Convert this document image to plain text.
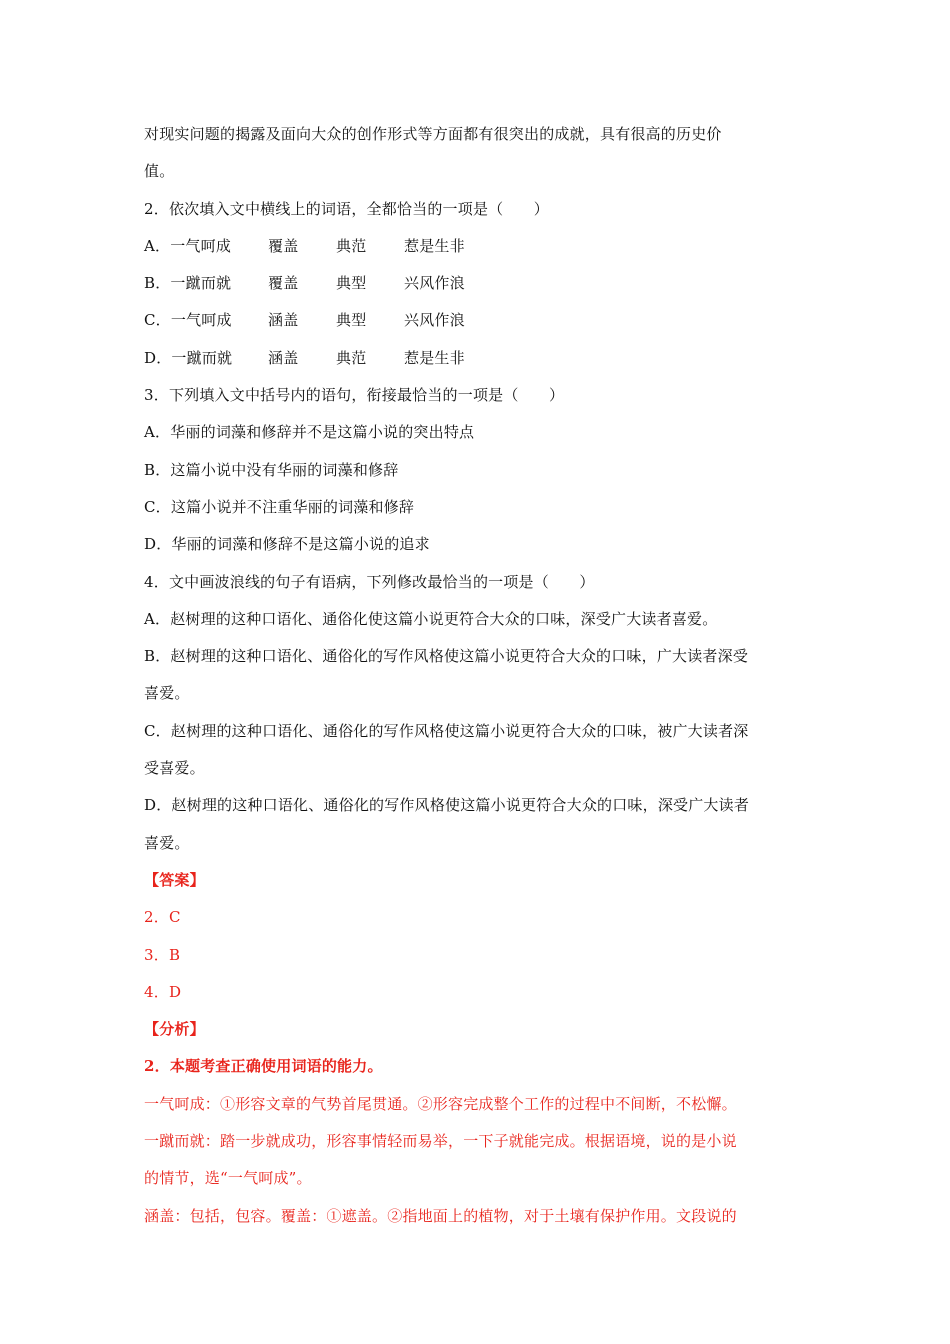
对现实问题的揭露及面向大众的创作形式等方面都有很突出的成就，具有很高的历史价
值。
2．依次填入文中横线上的词语，全都恰当的一项是（　　）
A．一气呵成 覆盖	典范	惹是生非
B．一蹴而就 覆盖	典型	兴风作浪
C．一气呵成 涵盖	典型	兴风作浪
D．一蹴而就 涵盖	典范	惹是生非
3．下列填入文中括号内的语句，衔接最恰当的一项是（　　）
A．华丽的词藻和修辞并不是这篇小说的突出特点
B．这篇小说中没有华丽的词藻和修辞
C．这篇小说并不注重华丽的词藻和修辞
D．华丽的词藻和修辞不是这篇小说的追求
4．文中画波浪线的句子有语病，下列修改最恰当的一项是（　　）
A．赵树理的这种口语化、通俗化使这篇小说更符合大众的口味，深受广大读者喜爱。
B．赵树理的这种口语化、通俗化的写作风格使这篇小说更符合大众的口味，广大读者深受
喜爱。
C．赵树理的这种口语化、通俗化的写作风格使这篇小说更符合大众的口味，被广大读者深
受喜爱。
D．赵树理的这种口语化、通俗化的写作风格使这篇小说更符合大众的口味，深受广大读者
喜爱。
【答案】
2．C
3．B
4．D
【分析】
2．本题考查正确使用词语的能力。
一气呵成：①形容文章的气势首尾贯通。②形容完成整个工作的过程中不间断，不松懈。
一蹴而就：踏一步就成功，形容事情轻而易举，一下子就能完成。根据语境，说的是小说
的情节，选“一气呵成”。
涵盖：包括，包容。覆盖：①遮盖。②指地面上的植物，对于土壤有保护作用。文段说的
